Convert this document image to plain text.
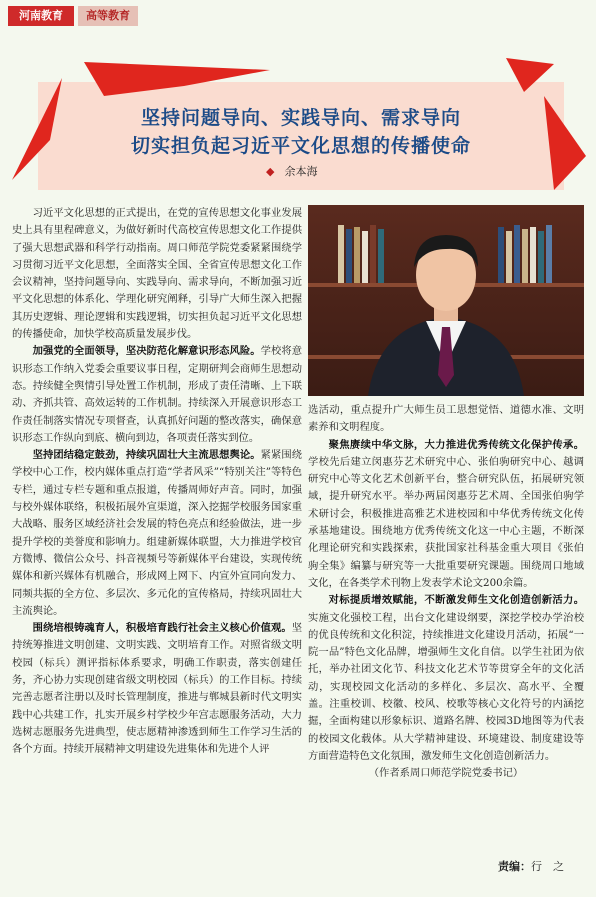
河南教育	高等教育
坚持问题导向、实践导向、需求导向
切实担负起习近平文化思想的传播使命
◆ 余本海

习近平文化思想的正式提出，在党的宣传思想文化事业发展史上具有里程碑意义，为做好新时代高校宣传思想文化工作提供了强大思想武器和科学行动指南。周口师范学院党委紧紧围绕学习贯彻习近平文化思想，全面落实全国、全省宣传思想文化工作会议精神，坚持问题导向、实践导向、需求导向，不断加强习近平文化思想的体系化、学理化研究阐释，引导广大师生深入把握其历史逻辑、理论逻辑和实践逻辑，切实担负起习近平文化思想的传播使命，加快学校高质量发展步伐。

加强党的全面领导，坚决防范化解意识形态风险。学校将意识形态工作纳入党委会重要议事日程，定期研判会商师生思想动态。持续健全舆情引导处置工作机制，形成了责任清晰、上下联动、齐抓共管、高效运转的工作机制。持续深入开展意识形态工作责任制落实情况专项督查，认真抓好问题的整改落实，确保意识形态工作纵向到底、横向到边，各项责任落实到位。

坚持团结稳定鼓劲，持续巩固壮大主流思想舆论。紧紧围绕学校中心工作，校内媒体重点打造“学者风采”“特别关注”等特色专栏，通过专栏专题和重点报道，传播周师好声音。同时，加强与校外媒体联络，积极拓展外宣渠道，深入挖掘学校服务国家重大战略、服务区域经济社会发展的特色亮点和经验做法，进一步提升学校的美誉度和影响力。组建新媒体联盟，大力推进学校官方微博、微信公众号、抖音视频号等新媒体平台建设，实现传统媒体和新兴媒体有机融合，形成网上网下、内宣外宣同向发力、同频共振的全方位、多层次、多元化的宣传格局，持续巩固壮大主流舆论。

围绕培根铸魂育人，积极培育践行社会主义核心价值观。坚持统筹推进文明创建、文明实践、文明培育工作。对照省级文明校园（标兵）测评指标体系要求，明确工作职责，落实创建任务，齐心协力实现创建省级文明校园（标兵）的工作目标。持续完善志愿者注册以及时长管理制度，推进与郸城县新时代文明实践中心共建工作，扎实开展乡村学校少年宫志愿服务活动，大力选树志愿服务先进典型，使志愿精神渗透到师生工作学习生活的各个方面。持续开展精神文明建设先进集体和先进个人评

选活动，重点提升广大师生员工思想觉悟、道德水准、文明素养和文明程度。

聚焦赓续中华文脉，大力推进优秀传统文化保护传承。学校先后建立闵惠芬艺术研究中心、张伯驹研究中心、越调研究中心等文化艺术创新平台，整合研究队伍，拓展研究领域，提升研究水平。举办两届闵惠芬艺术周、全国张伯驹学术研讨会，积极推进高雅艺术进校园和中华优秀传统文化传承基地建设。围绕地方优秀传统文化这一中心主题，不断深化理论研究和实践探索，获批国家社科基金重大项目《张伯驹全集》编纂与研究等一大批重要研究课题。围绕周口地域文化，在各类学术刊物上发表学术论文200余篇。

对标提质增效赋能，不断激发师生文化创造创新活力。实施文化强校工程，出台文化建设纲要，深挖学校办学治校的优良传统和文化积淀，持续推进文化建设月活动，拓展“一院一品”特色文化品牌，增强师生文化自信。以学生社团为依托，举办社团文化节、科技文化艺术节等贯穿全年的文化活动，实现校园文化活动的多样化、多层次、高水平、全覆盖。注重校训、校徽、校风、校歌等核心文化符号的内涵挖掘，全面构建以形象标识、道路名牌、校园3D地图等为代表的校园文化载体。从大学精神建设、环境建设、制度建设等方面营造特色文化氛围，激发师生文化创造创新活力。

（作者系周口师范学院党委书记）

责编：行　之
